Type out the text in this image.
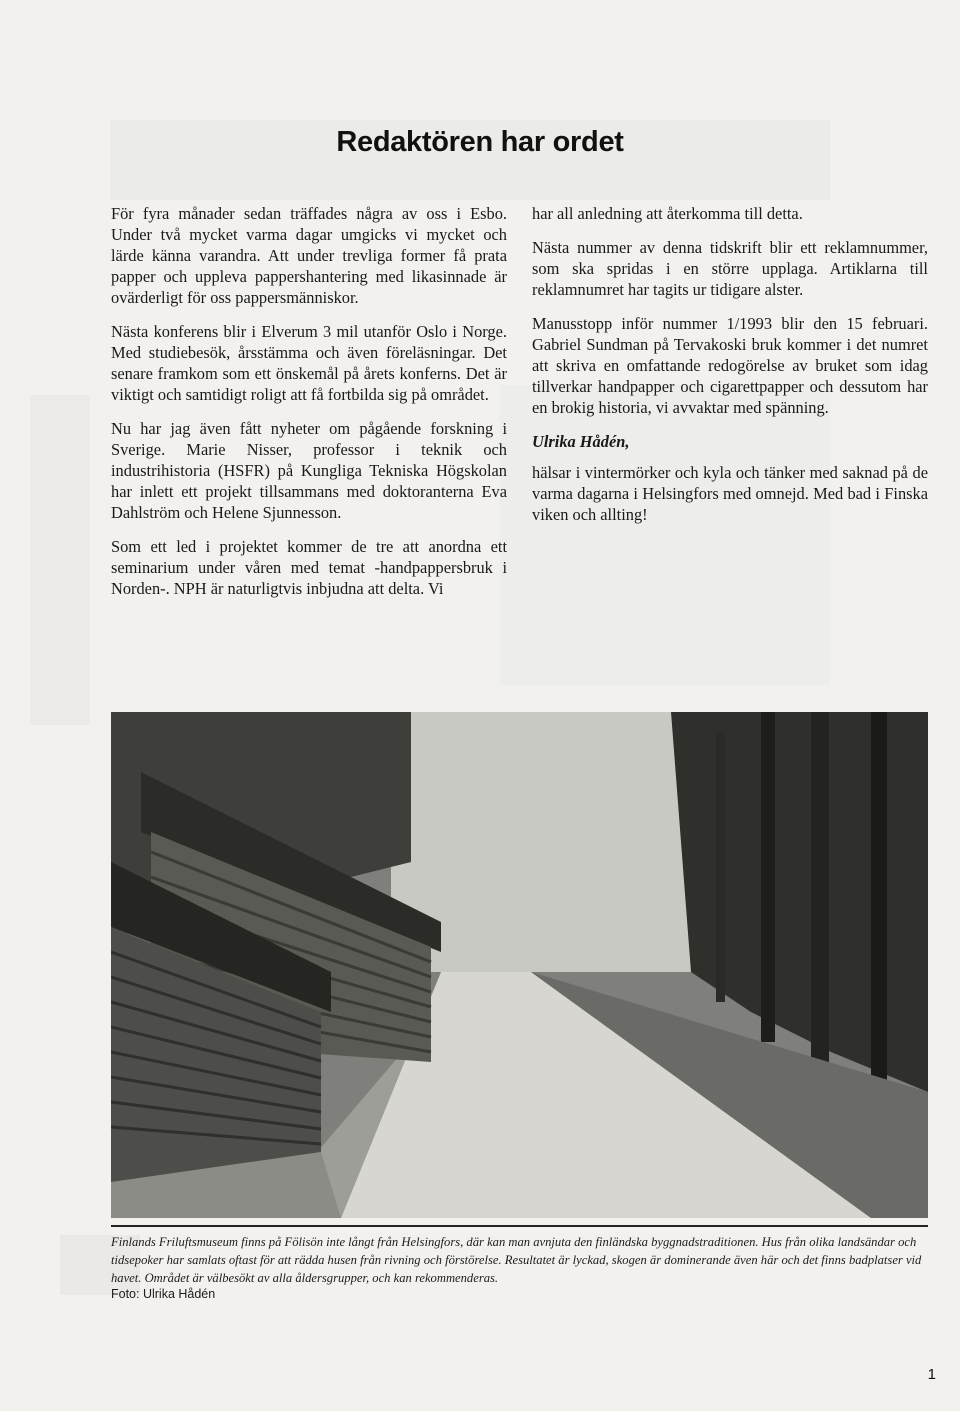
Redaktören har ordet

För fyra månader sedan träffades några av oss i Esbo. Under två mycket varma dagar umgicks vi mycket och lärde känna varandra. Att under trevliga former få prata papper och uppleva pappershantering med likasinnade är ovärderligt för oss pappersmänniskor.

Nästa konferens blir i Elverum 3 mil utanför Oslo i Norge. Med studiebesök, årsstämma och även föreläsningar. Det senare framkom som ett önskemål på årets konferns. Det är viktigt och samtidigt roligt att få fortbilda sig på området.

Nu har jag även fått nyheter om pågående forskning i Sverige. Marie Nisser, professor i teknik och industrihistoria (HSFR) på Kungliga Tekniska Högskolan har inlett ett projekt tillsammans med doktoranterna Eva Dahlström och Helene Sjunnesson.

Som ett led i projektet kommer de tre att anordna ett seminarium under våren med temat -handpappersbruk i Norden-. NPH är naturligtvis inbjudna att delta. Vi

har all anledning att återkomma till detta.

Nästa nummer av denna tidskrift blir ett reklamnummer, som ska spridas i en större upplaga. Artiklarna till reklamnumret har tagits ur tidigare alster.

Manusstopp inför nummer 1/1993 blir den 15 februari. Gabriel Sundman på Tervakoski bruk kommer i det numret att skriva en omfattande redogörelse av bruket som idag tillverkar handpapper och cigarettpapper och dessutom har en brokig historia, vi avvaktar med spänning.

Ulrika Hådén,

hälsar i vintermörker och kyla och tänker med saknad på de varma dagarna i Helsingfors med omnejd. Med bad i Finska viken och allting!

Finlands Friluftsmuseum finns på Fölisön inte långt från Helsingfors, där kan man avnjuta den finländska byggnadstraditionen. Hus från olika landsändar och tidsepoker har samlats oftast för att rädda husen från rivning och förstörelse. Resultatet är lyckad, skogen är dominerande även här och det finns badplatser vid havet. Området är välbesökt av alla åldersgrupper, och kan rekommenderas.
Foto: Ulrika Hådén
1
